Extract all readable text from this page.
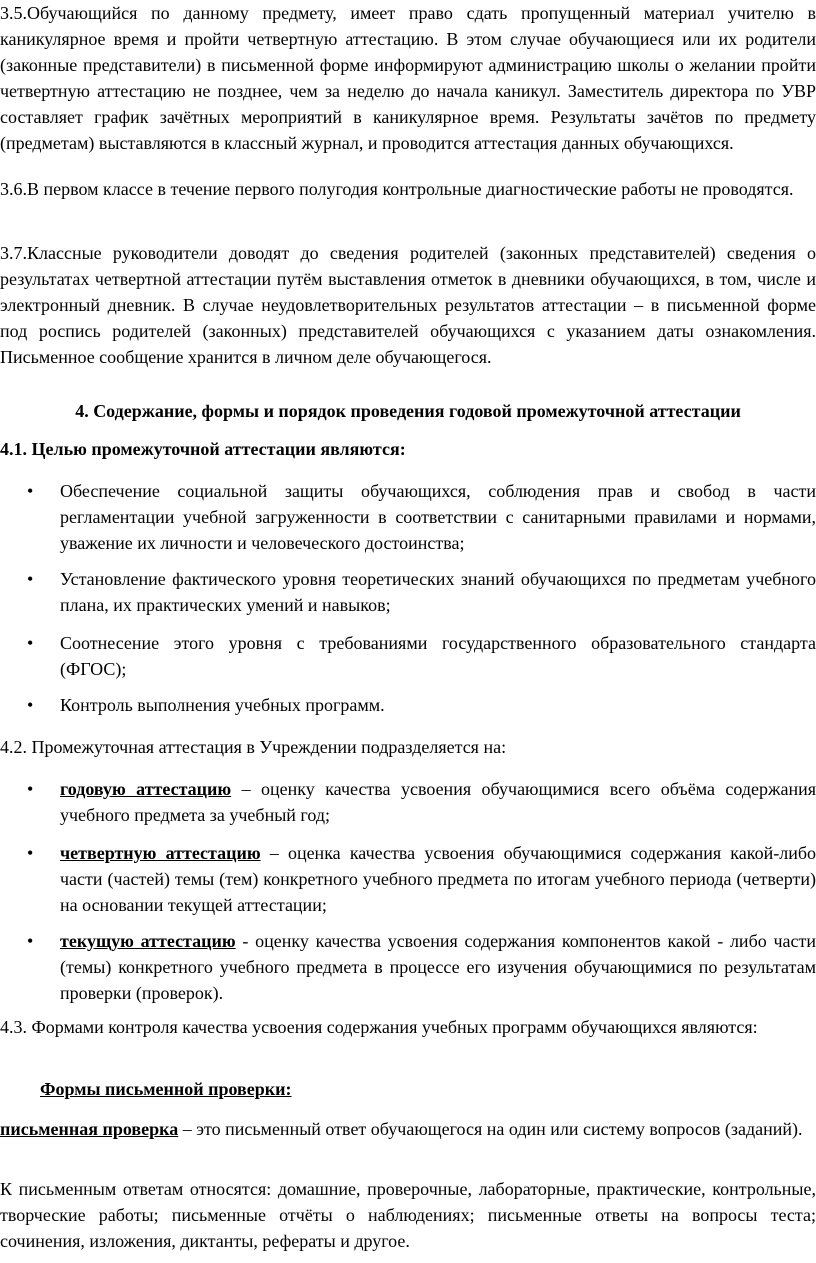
3.5.Обучающийся по данному предмету, имеет право сдать пропущенный материал учителю в каникулярное время и пройти четвертную аттестацию. В этом случае обучающиеся или их родители (законные представители) в письменной форме информируют администрацию школы о желании пройти четвертную аттестацию не позднее, чем за неделю до начала каникул. Заместитель директора по УВР составляет график зачётных мероприятий в каникулярное время. Результаты зачётов по предмету (предметам) выставляются в классный журнал, и проводится аттестация данных обучающихся.

3.6.В первом классе в течение первого полугодия контрольные диагностические работы не проводятся.

3.7.Классные руководители доводят до сведения родителей (законных представителей) сведения о результатах четвертной аттестации путём выставления отметок в дневники обучающихся, в том, числе и электронный дневник. В случае неудовлетворительных результатов аттестации – в письменной форме под роспись родителей (законных) представителей обучающихся с указанием даты ознакомления. Письменное сообщение хранится в личном деле обучающегося.

4. Содержание, формы и порядок проведения годовой промежуточной аттестации

4.1. Целью промежуточной аттестации являются:

• Обеспечение социальной защиты обучающихся, соблюдения прав и свобод в части регламентации учебной загруженности в соответствии с санитарными правилами и нормами, уважение их личности и человеческого достоинства;
• Установление фактического уровня теоретических знаний обучающихся по предметам учебного плана, их практических умений и навыков;
• Соотнесение этого уровня с требованиями государственного образовательного стандарта (ФГОС);
• Контроль выполнения учебных программ.

4.2. Промежуточная аттестация в Учреждении подразделяется на:

• годовую аттестацию – оценку качества усвоения обучающимися всего объёма содержания учебного предмета за учебный год;
• четвертную аттестацию – оценка качества усвоения обучающимися содержания какой-либо части (частей) темы (тем) конкретного учебного предмета по итогам учебного периода (четверти) на основании текущей аттестации;
• текущую аттестацию - оценку качества усвоения содержания компонентов какой - либо части (темы) конкретного учебного предмета в процессе его изучения обучающимися по результатам проверки (проверок).

4.3. Формами контроля качества усвоения содержания учебных программ обучающихся являются:

Формы письменной проверки:

письменная проверка – это письменный ответ обучающегося на один или систему вопросов (заданий).

К письменным ответам относятся: домашние, проверочные, лабораторные, практические, контрольные, творческие работы; письменные отчёты о наблюдениях; письменные ответы на вопросы теста; сочинения, изложения, диктанты, рефераты и другое.
